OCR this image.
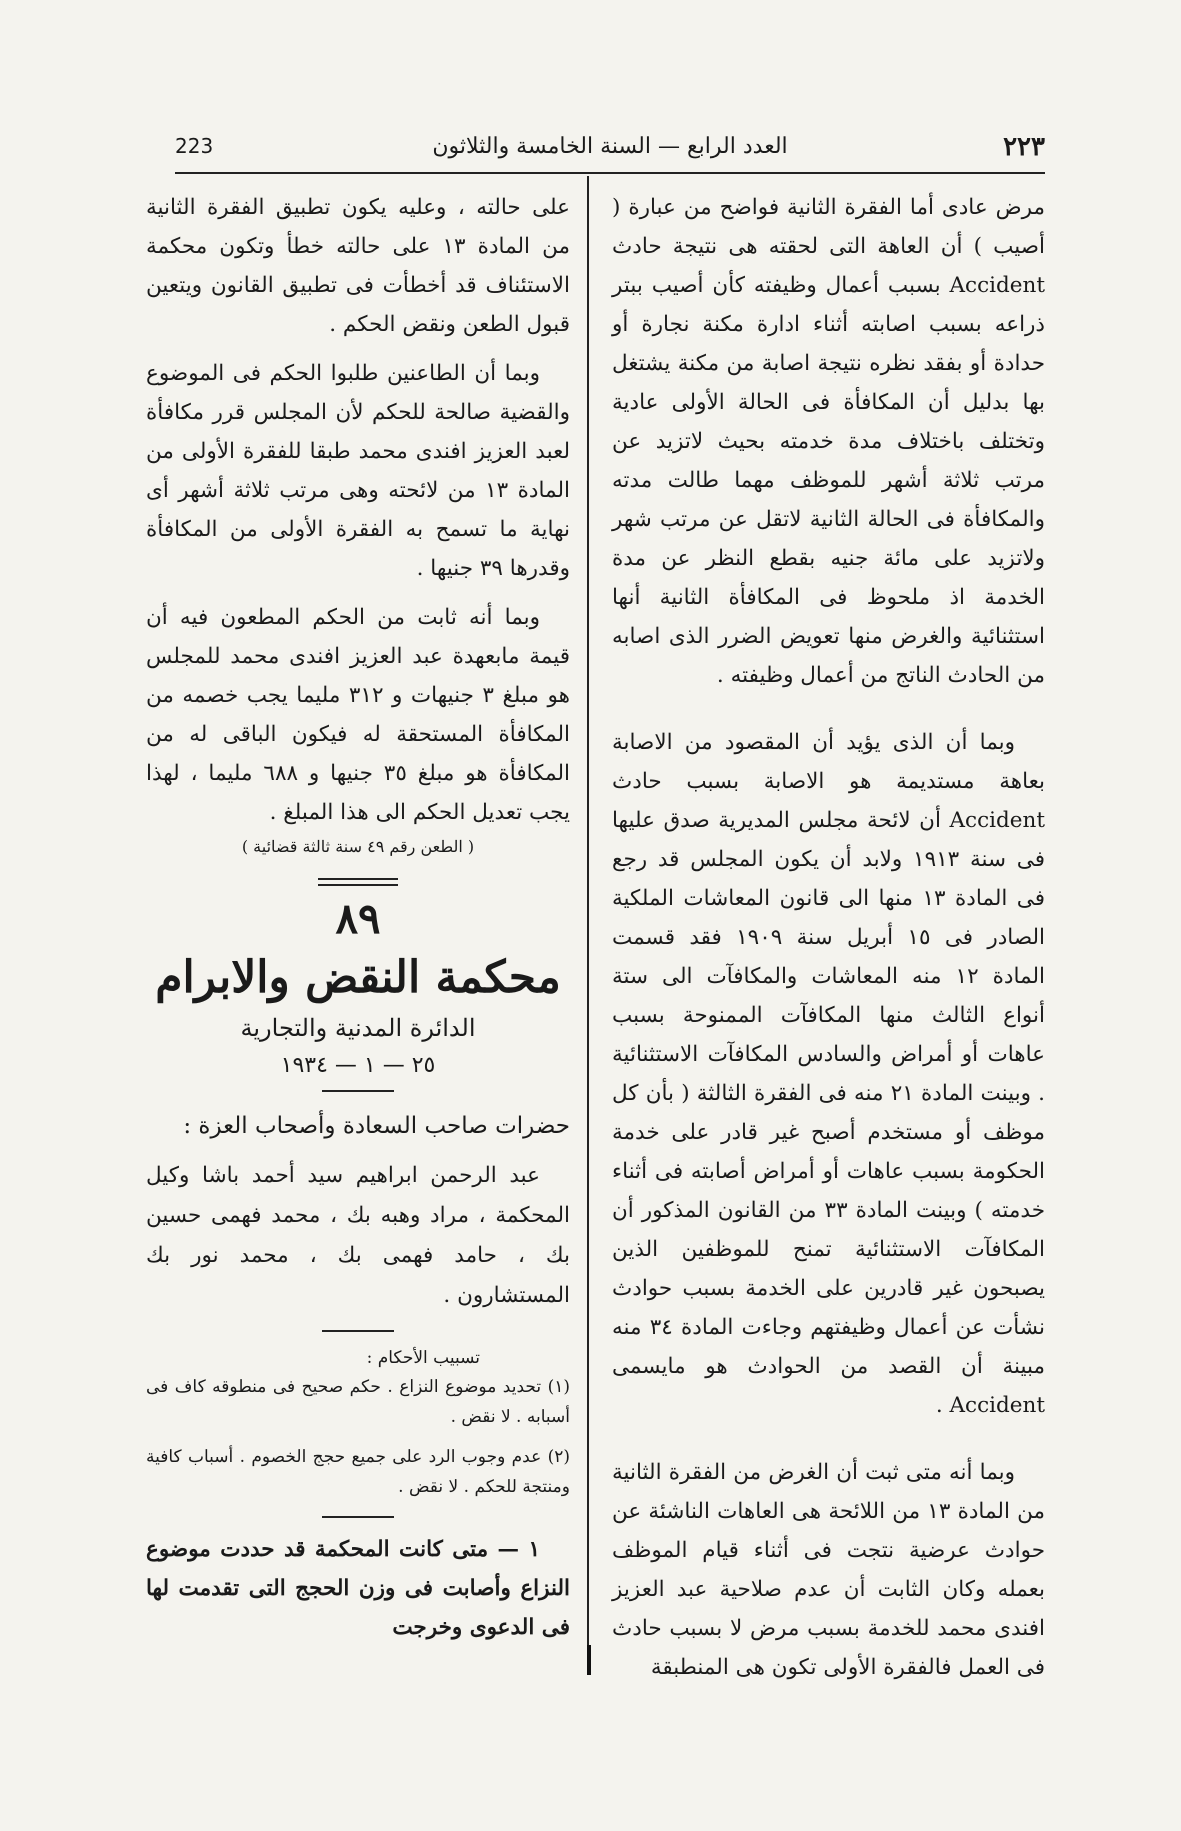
٢٢٣
العدد الرابع — السنة الخامسة والثلاثون
223

مرض عادى أما الفقرة الثانية فواضح من عبارة ( أصيب ) أن العاهة التى لحقته هى نتيجة حادث Accident بسبب أعمال وظيفته كأن أصيب ببتر ذراعه بسبب اصابته أثناء ادارة مكنة نجارة أو حدادة أو بفقد نظره نتيجة اصابة من مكنة يشتغل بها بدليل أن المكافأة فى الحالة الأولى عادية وتختلف باختلاف مدة خدمته بحيث لاتزيد عن مرتب ثلاثة أشهر للموظف مهما طالت مدته والمكافأة فى الحالة الثانية لاتقل عن مرتب شهر ولاتزيد على مائة جنيه بقطع النظر عن مدة الخدمة اذ ملحوظ فى المكافأة الثانية أنها استثنائية والغرض منها تعويض الضرر الذى اصابه من الحادث الناتج من أعمال وظيفته .

وبما أن الذى يؤيد أن المقصود من الاصابة بعاهة مستديمة هو الاصابة بسبب حادث Accident أن لائحة مجلس المديرية صدق عليها فى سنة ١٩١٣ ولابد أن يكون المجلس قد رجع فى المادة ١٣ منها الى قانون المعاشات الملكية الصادر فى ١٥ أبريل سنة ١٩٠٩ فقد قسمت المادة ١٢ منه المعاشات والمكافآت الى ستة أنواع الثالث منها المكافآت الممنوحة بسبب عاهات أو أمراض والسادس المكافآت الاستثنائية . وبينت المادة ٢١ منه فى الفقرة الثالثة ( بأن كل موظف أو مستخدم أصبح غير قادر على خدمة الحكومة بسبب عاهات أو أمراض أصابته فى أثناء خدمته ) وبينت المادة ٣٣ من القانون المذكور أن المكافآت الاستثنائية تمنح للموظفين الذين يصبحون غير قادرين على الخدمة بسبب حوادث نشأت عن أعمال وظيفتهم وجاءت المادة ٣٤ منه مبينة أن القصد من الحوادث هو مايسمى Accident .

وبما أنه متى ثبت أن الغرض من الفقرة الثانية من المادة ١٣ من اللائحة هى العاهات الناشئة عن حوادث عرضية نتجت فى أثناء قيام الموظف بعمله وكان الثابت أن عدم صلاحية عبد العزيز افندى محمد للخدمة بسبب مرض لا بسبب حادث فى العمل فالفقرة الأولى تكون هى المنطبقة

على حالته ، وعليه يكون تطبيق الفقرة الثانية من المادة ١٣ على حالته خطأ وتكون محكمة الاستئناف قد أخطأت فى تطبيق القانون ويتعين قبول الطعن ونقض الحكم .

وبما أن الطاعنين طلبوا الحكم فى الموضوع والقضية صالحة للحكم لأن المجلس قرر مكافأة لعبد العزيز افندى محمد طبقا للفقرة الأولى من المادة ١٣ من لائحته وهى مرتب ثلاثة أشهر أى نهاية ما تسمح به الفقرة الأولى من المكافأة وقدرها ٣٩ جنيها .

وبما أنه ثابت من الحكم المطعون فيه أن قيمة مابعهدة عبد العزيز افندى محمد للمجلس هو مبلغ ٣ جنيهات و ٣١٢ مليما يجب خصمه من المكافأة المستحقة له فيكون الباقى له من المكافأة هو مبلغ ٣٥ جنيها و ٦٨٨ مليما ، لهذا يجب تعديل الحكم الى هذا المبلغ .

( الطعن رقم ٤٩ سنة ثالثة قضائية )

٨٩

محكمة النقض والابرام

الدائرة المدنية والتجارية

٢٥ — ١ — ١٩٣٤

حضرات صاحب السعادة وأصحاب العزة :

عبد الرحمن ابراهيم سيد أحمد باشا وكيل المحكمة ، مراد وهبه بك ، محمد فهمى حسين بك ، حامد فهمى بك ، محمد نور بك المستشارون .

تسبيب الأحكام :

(١) تحديد موضوع النزاع . حكم صحيح فى منطوقه كاف فى أسبابه . لا نقض .

(٢) عدم وجوب الرد على جميع حجج الخصوم . أسباب كافية ومنتجة للحكم . لا نقض .

١ — متى كانت المحكمة قد حددت موضوع النزاع وأصابت فى وزن الحجج التى تقدمت لها فى الدعوى وخرجت
